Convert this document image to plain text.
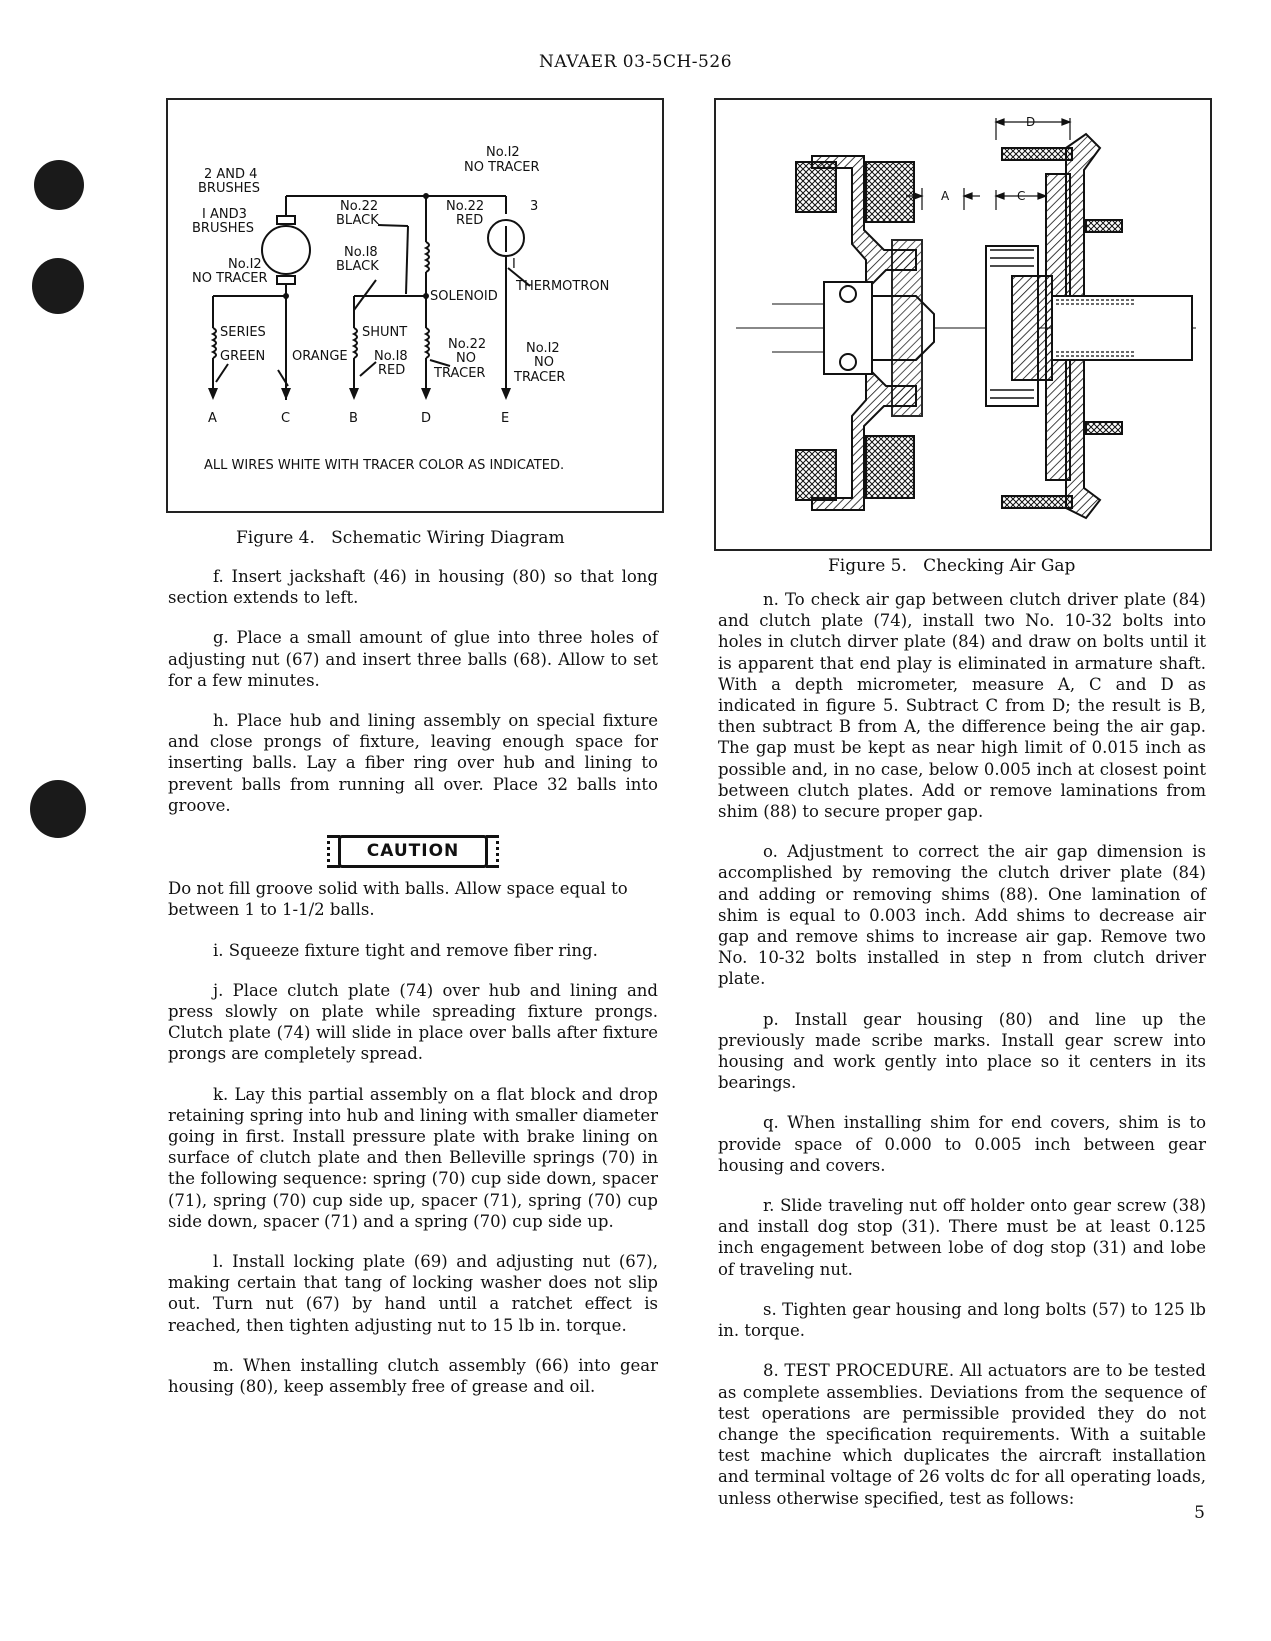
NAVAER 03-5CH-526
2 AND 4
BRUSHES
I AND3
BRUSHES
No.I2
NO TRACER
No.22
BLACK
No.I8
BLACK
No.I2
NO TRACER
No.22
RED
3
I
THERMOTRON
SOLENOID
SERIES
GREEN ORANGE
SHUNT
No.I8
RED
No.22
NO
TRACER
No.I2
NO
TRACER
A	C	B	D	E
ALL WIRES WHITE WITH TRACER COLOR AS INDICATED.
Figure 4.   Schematic Wiring Diagram
D
A	C
Figure 5.   Checking Air Gap

f. Insert jackshaft (46) in housing (80) so that long section extends to left.

g. Place a small amount of glue into three holes of adjusting nut (67) and insert three balls (68). Allow to set for a few minutes.

h. Place hub and lining assembly on special fixture and close prongs of fixture, leaving enough space for inserting balls. Lay a fiber ring over hub and lining to prevent balls from running all over. Place 32 balls into groove.

CAUTION

Do not fill groove solid with balls. Allow space equal to between 1 to 1-1/2 balls.

i. Squeeze fixture tight and remove fiber ring.

j. Place clutch plate (74) over hub and lining and press slowly on plate while spreading fixture prongs. Clutch plate (74) will slide in place over balls after fixture prongs are completely spread.

k. Lay this partial assembly on a flat block and drop retaining spring into hub and lining with smaller diameter going in first. Install pressure plate with brake lining on surface of clutch plate and then Belleville springs (70) in the following sequence: spring (70) cup side down, spacer (71), spring (70) cup side up, spacer (71), spring (70) cup side down, spacer (71) and a spring (70) cup side up.

l. Install locking plate (69) and adjusting nut (67), making certain that tang of locking washer does not slip out. Turn nut (67) by hand until a ratchet effect is reached, then tighten adjusting nut to 15 lb in. torque.

m. When installing clutch assembly (66) into gear housing (80), keep assembly free of grease and oil.

n. To check air gap between clutch driver plate (84) and clutch plate (74), install two No. 10-32 bolts into holes in clutch dirver plate (84) and draw on bolts until it is apparent that end play is eliminated in armature shaft. With a depth micrometer, measure A, C and D as indicated in figure 5. Subtract C from D; the result is B, then subtract B from A, the difference being the air gap. The gap must be kept as near high limit of 0.015 inch as possible and, in no case, below 0.005 inch at closest point between clutch plates. Add or remove laminations from shim (88) to secure proper gap.

o. Adjustment to correct the air gap dimension is accomplished by removing the clutch driver plate (84) and adding or removing shims (88). One lamination of shim is equal to 0.003 inch. Add shims to decrease air gap and remove shims to increase air gap. Remove two No. 10-32 bolts installed in step n from clutch driver plate.

p. Install gear housing (80) and line up the previously made scribe marks. Install gear screw into housing and work gently into place so it centers in its bearings.

q. When installing shim for end covers, shim is to provide space of 0.000 to 0.005 inch between gear housing and covers.

r. Slide traveling nut off holder onto gear screw (38) and install dog stop (31). There must be at least 0.125 inch engagement between lobe of dog stop (31) and lobe of traveling nut.

s. Tighten gear housing and long bolts (57) to 125 lb in. torque.

8. TEST PROCEDURE. All actuators are to be tested as complete assemblies. Deviations from the sequence of test operations are permissible provided they do not change the specification requirements. With a suitable test machine which duplicates the aircraft installation and terminal voltage of 26 volts dc for all operating loads, unless otherwise specified, test as follows:

5
